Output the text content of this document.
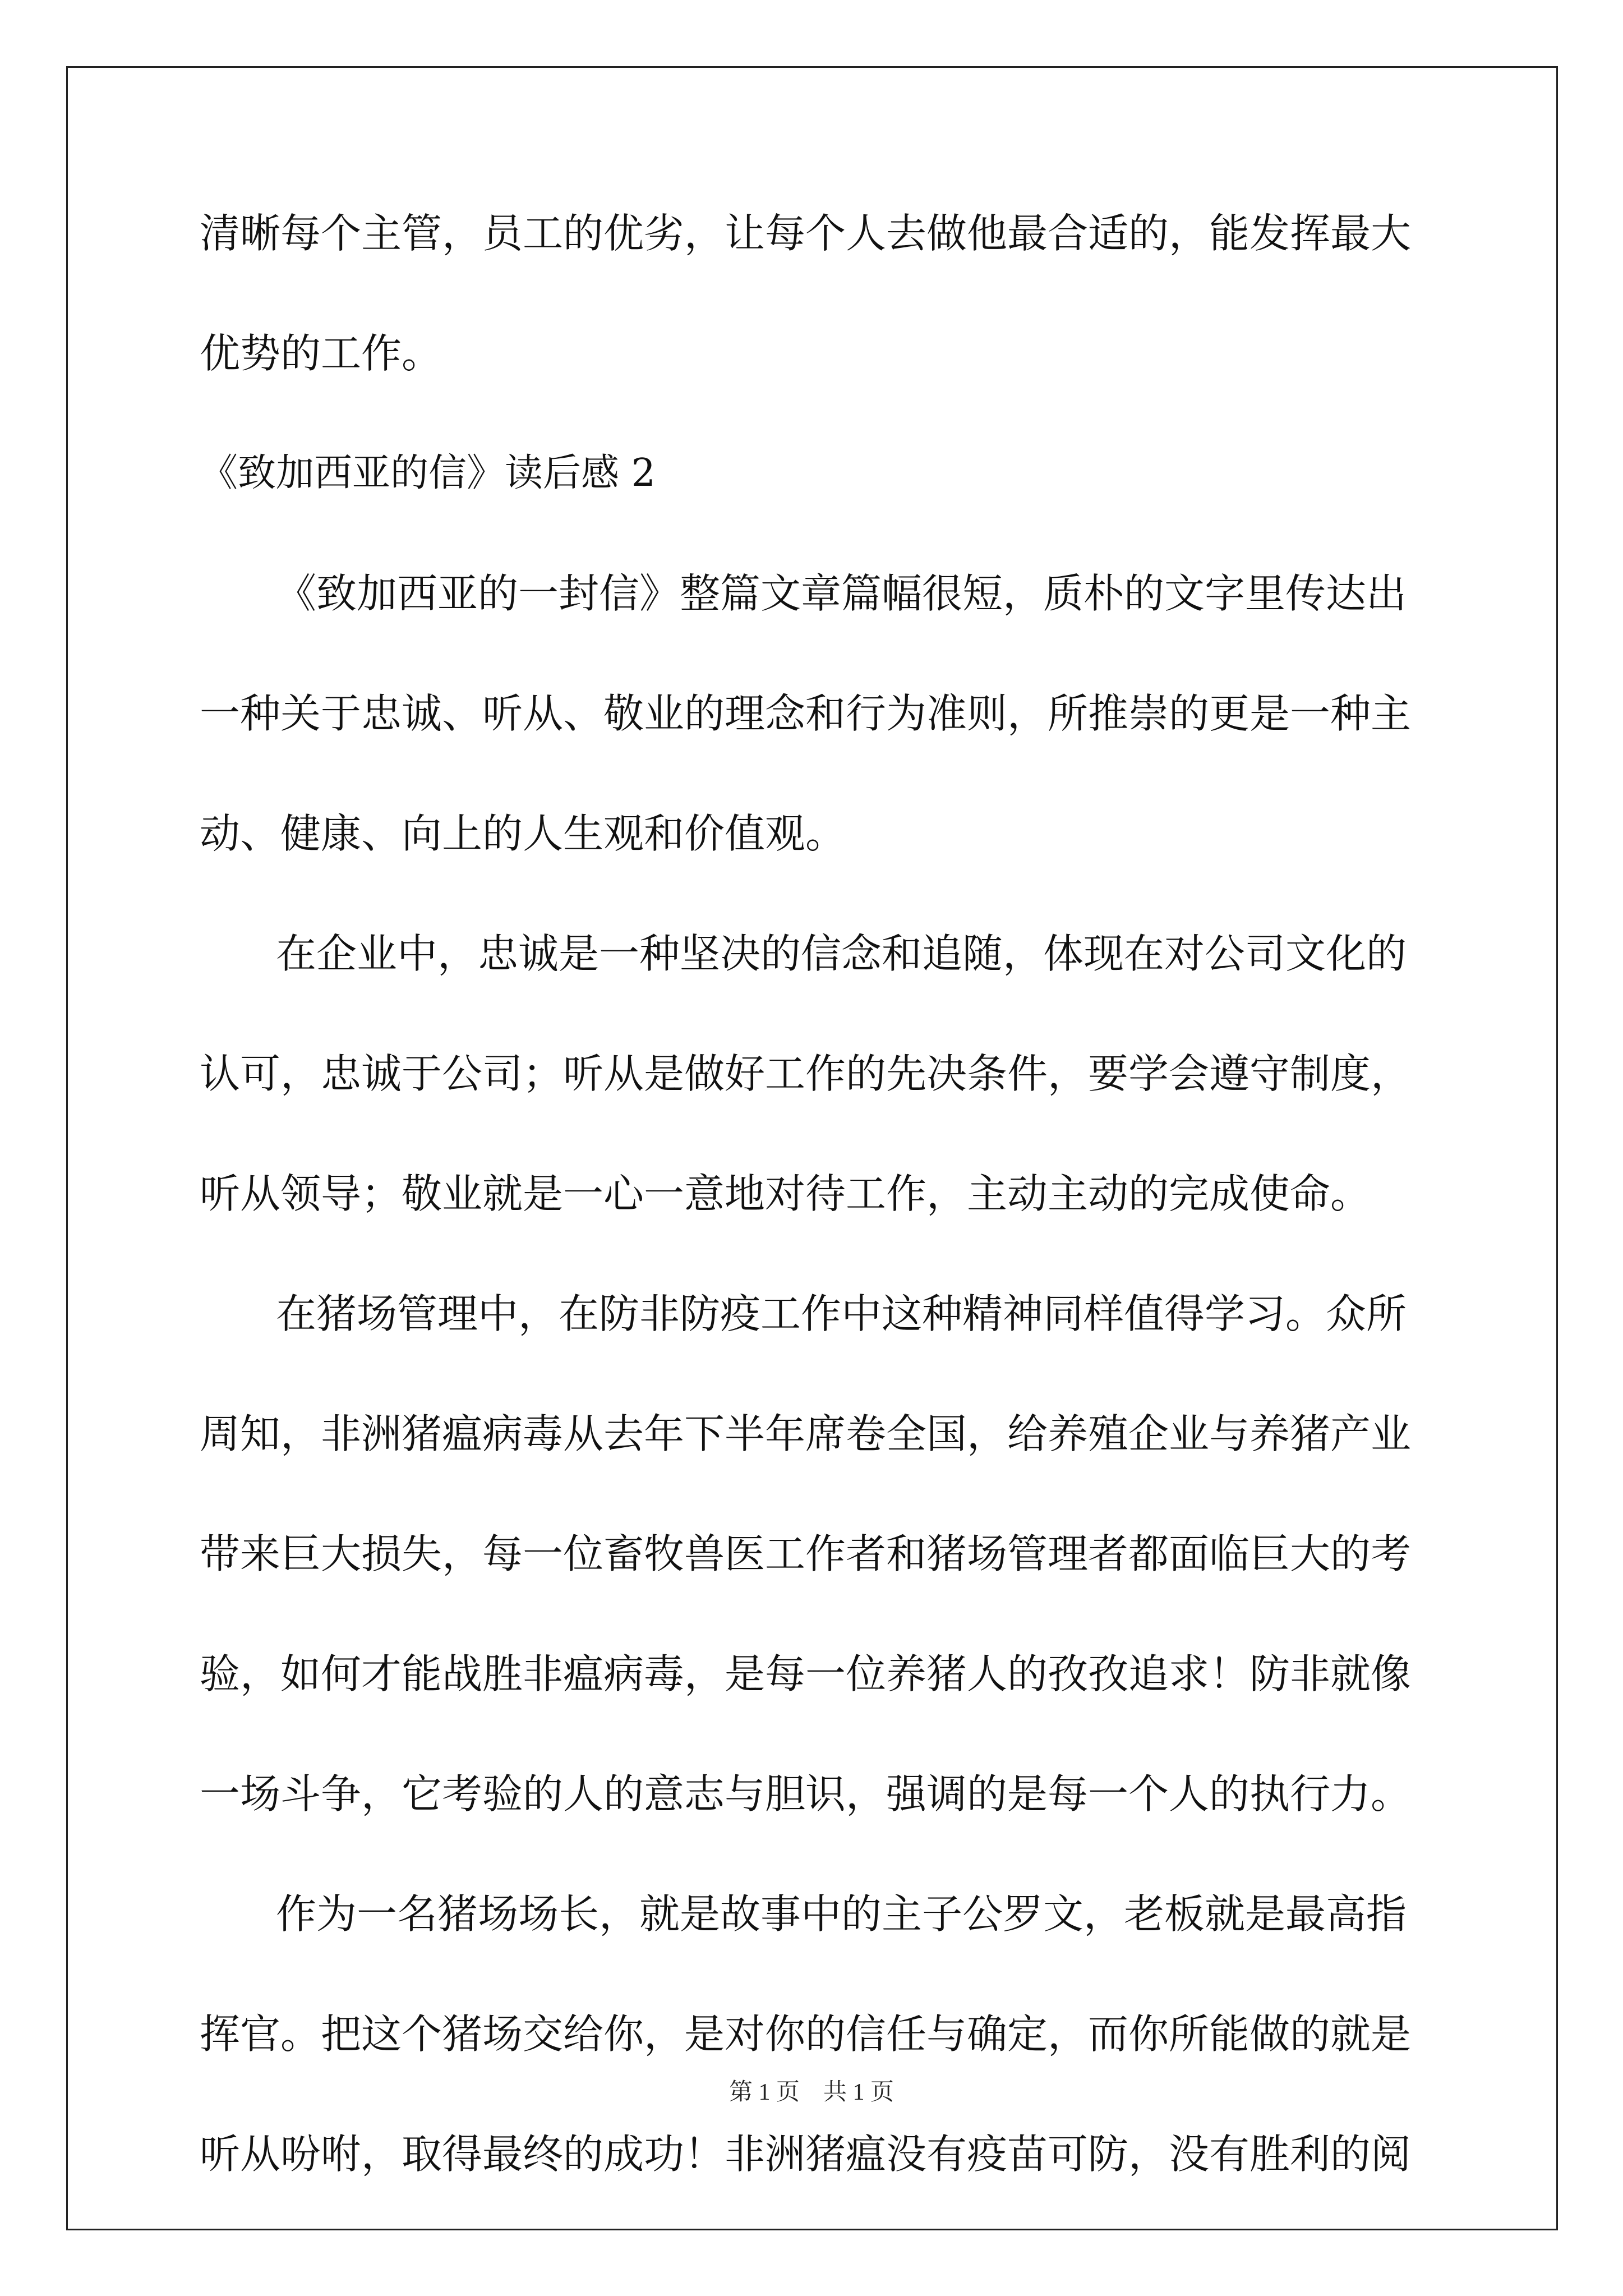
清晰每个主管，员工的优劣，让每个人去做他最合适的，能发挥最大
优势的工作。
《致加西亚的信》读后感 2
《致加西亚的一封信》整篇文章篇幅很短，质朴的文字里传达出
一种关于忠诚、听从、敬业的理念和行为准则，所推崇的更是一种主
动、健康、向上的人生观和价值观。
在企业中，忠诚是一种坚决的信念和追随，体现在对公司文化的
认可，忠诚于公司；听从是做好工作的先决条件，要学会遵守制度，
听从领导；敬业就是一心一意地对待工作，主动主动的完成使命。
在猪场管理中，在防非防疫工作中这种精神同样值得学习。众所
周知，非洲猪瘟病毒从去年下半年席卷全国，给养殖企业与养猪产业
带来巨大损失，每一位畜牧兽医工作者和猪场管理者都面临巨大的考
验，如何才能战胜非瘟病毒，是每一位养猪人的孜孜追求！防非就像
一场斗争，它考验的人的意志与胆识，强调的是每一个人的执行力。
作为一名猪场场长，就是故事中的主子公罗文，老板就是最高指
挥官。把这个猪场交给你，是对你的信任与确定，而你所能做的就是
听从吩咐，取得最终的成功！非洲猪瘟没有疫苗可防，没有胜利的阅
第 1 页　共 1 页
